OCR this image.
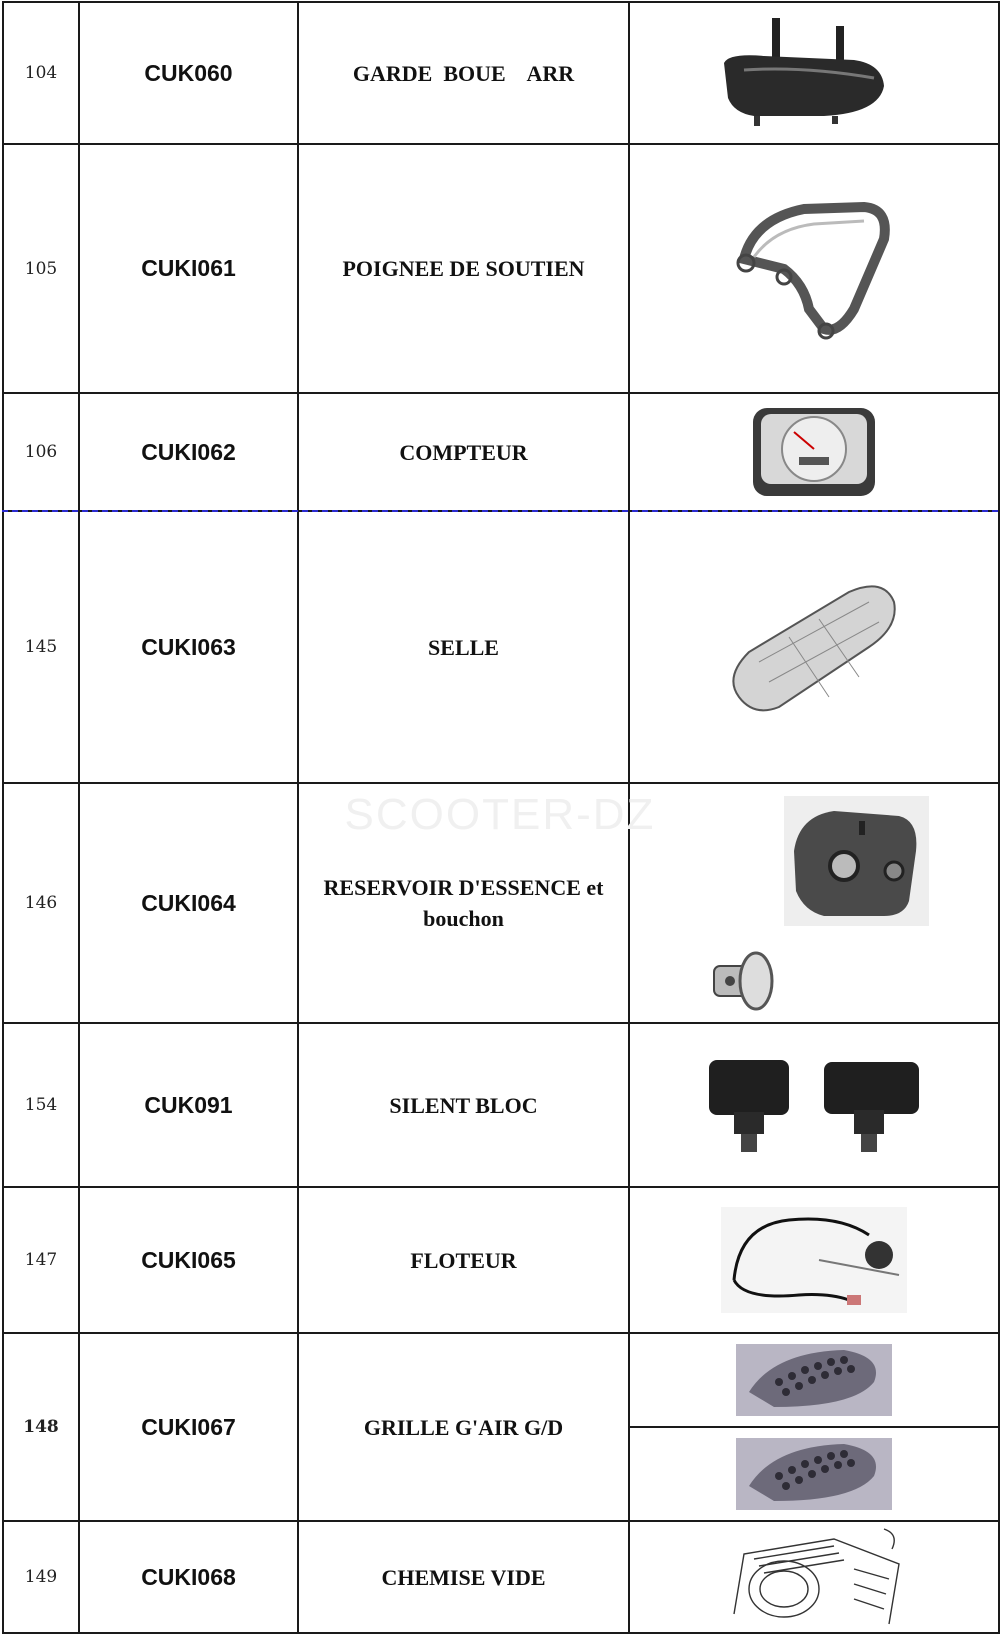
104	CUK060	GARDE  BOUE    ARR

105	CUKI061	POIGNEE DE SOUTIEN

106	CUKI062	COMPTEUR

145	CUKI063	SELLE

146	CUKI064	RESERVOIR D'ESSENCE et bouchon

154	CUK091	SILENT BLOC

147	CUKI065	FLOTEUR

148	CUKI067	GRILLE G'AIR G/D

149	CUKI068	CHEMISE VIDE

SCOOTER-DZ
